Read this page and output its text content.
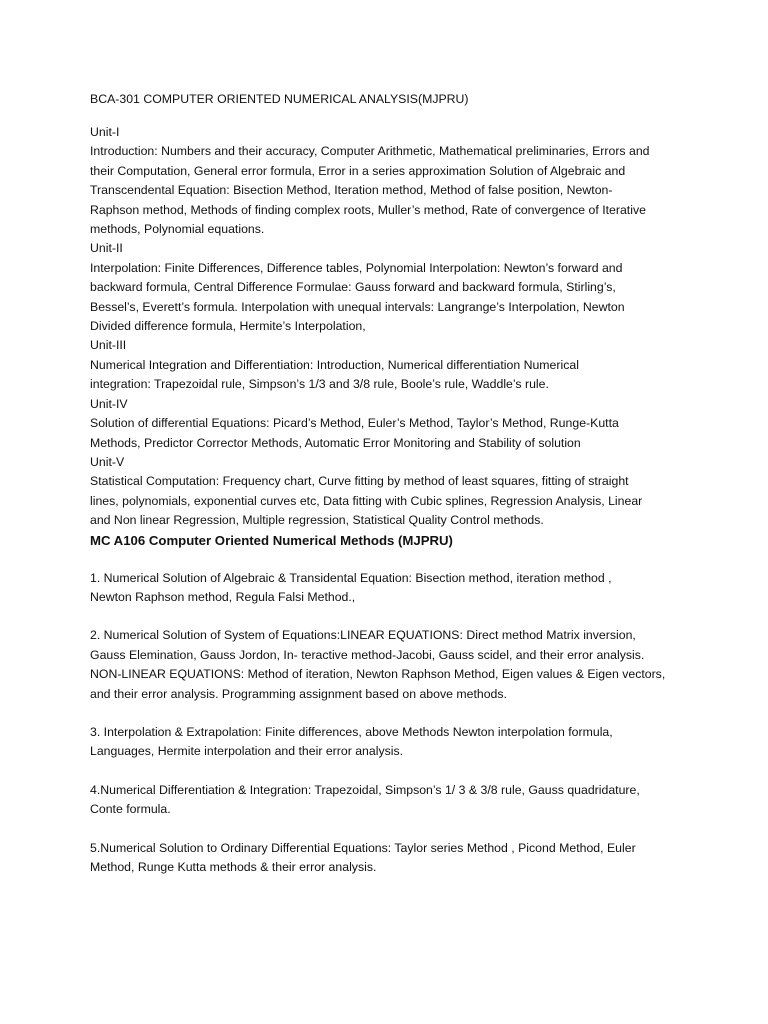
BCA-301 COMPUTER ORIENTED NUMERICAL ANALYSIS(MJPRU)
Unit-I
Introduction: Numbers and their accuracy, Computer Arithmetic, Mathematical preliminaries, Errors and
their Computation, General error formula, Error in a series approximation Solution of Algebraic and
Transcendental Equation: Bisection Method, Iteration method, Method of false position, Newton-
Raphson method, Methods of finding complex roots, Muller’s method, Rate of convergence of Iterative
methods, Polynomial equations.
Unit-II
Interpolation: Finite Differences, Difference tables, Polynomial Interpolation: Newton’s forward and
backward formula, Central Difference Formulae: Gauss forward and backward formula, Stirling’s,
Bessel’s, Everett’s formula. Interpolation with unequal intervals: Langrange’s Interpolation, Newton
Divided difference formula, Hermite’s Interpolation,
Unit-III
Numerical Integration and Differentiation: Introduction, Numerical differentiation Numerical
integration: Trapezoidal rule, Simpson’s 1/3 and 3/8 rule, Boole’s rule, Waddle’s rule.
Unit-IV
Solution of differential Equations: Picard’s Method, Euler’s Method, Taylor’s Method, Runge-Kutta
Methods, Predictor Corrector Methods, Automatic Error Monitoring and Stability of solution
Unit-V
Statistical Computation: Frequency chart, Curve fitting by method of least squares, fitting of straight
lines, polynomials, exponential curves etc, Data fitting with Cubic splines, Regression Analysis, Linear
and Non linear Regression, Multiple regression, Statistical Quality Control methods.
MC A106 Computer Oriented Numerical Methods (MJPRU)
1. Numerical Solution of Algebraic & Transidental Equation: Bisection method, iteration method ,
Newton Raphson method, Regula Falsi Method.,
2. Numerical Solution of System of Equations:LINEAR EQUATIONS: Direct method Matrix inversion,
Gauss Elemination, Gauss Jordon, In- teractive method-Jacobi, Gauss scidel, and their error analysis.
NON-LINEAR EQUATIONS: Method of iteration, Newton Raphson Method, Eigen values & Eigen vectors,
and their error analysis. Programming assignment based on above methods.
3. Interpolation & Extrapolation: Finite differences, above Methods Newton interpolation formula,
Languages, Hermite interpolation and their error analysis.
4.Numerical Differentiation & Integration: Trapezoidal, Simpson’s 1/ 3 & 3/8 rule, Gauss quadridature,
Conte formula.
5.Numerical Solution to Ordinary Differential Equations: Taylor series Method , Picond Method, Euler
Method, Runge Kutta methods & their error analysis.
